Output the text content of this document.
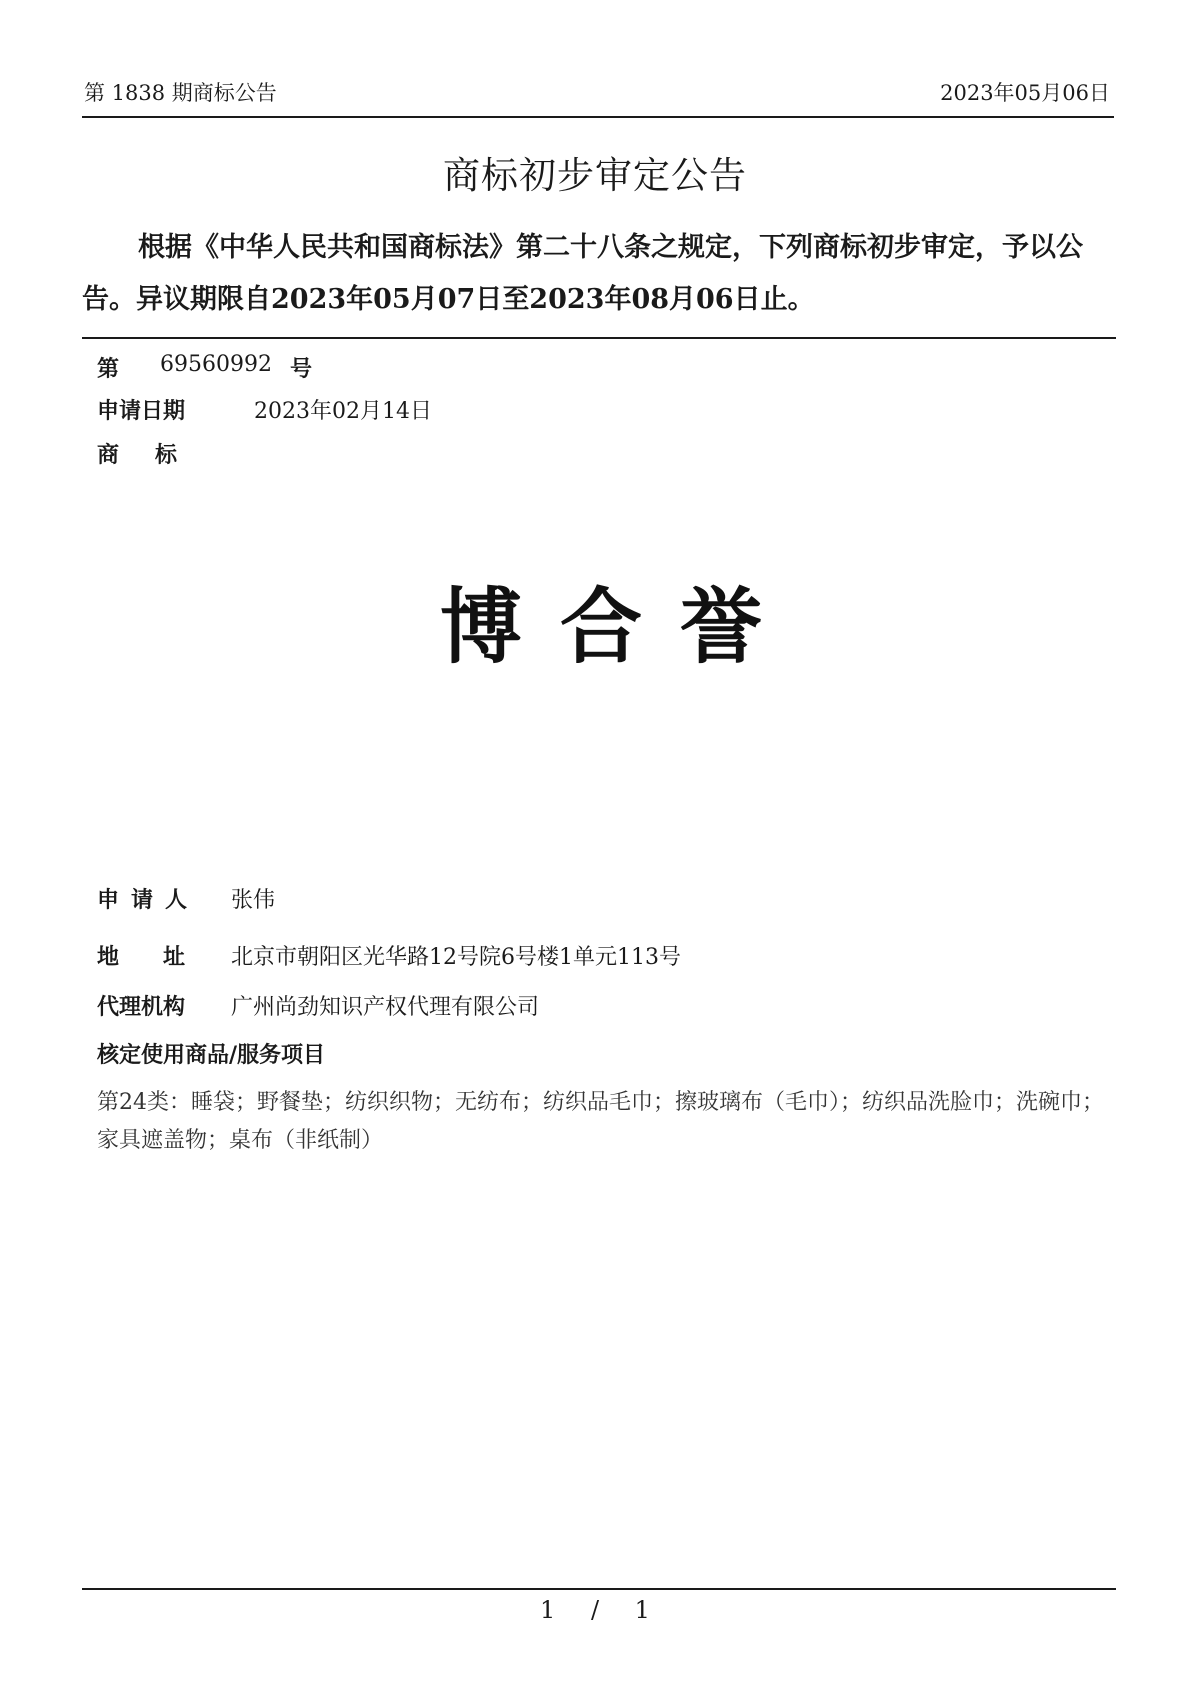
第 1838 期商标公告	2023年05月06日
商标初步审定公告
根据《中华人民共和国商标法》第二十八条之规定，下列商标初步审定，予以公告。异议期限自2023年05月07日至2023年08月06日止。
第 69560992 号
申请日期	2023年02月14日
商标
博合誉
申请人 张伟
地址 北京市朝阳区光华路12号院6号楼1单元113号
代理机构 广州尚劲知识产权代理有限公司
核定使用商品/服务项目
第24类：睡袋；野餐垫；纺织织物；无纺布；纺织品毛巾；擦玻璃布（毛巾）；纺织品洗脸巾；洗碗巾；家具遮盖物；桌布（非纸制）
1 / 1
